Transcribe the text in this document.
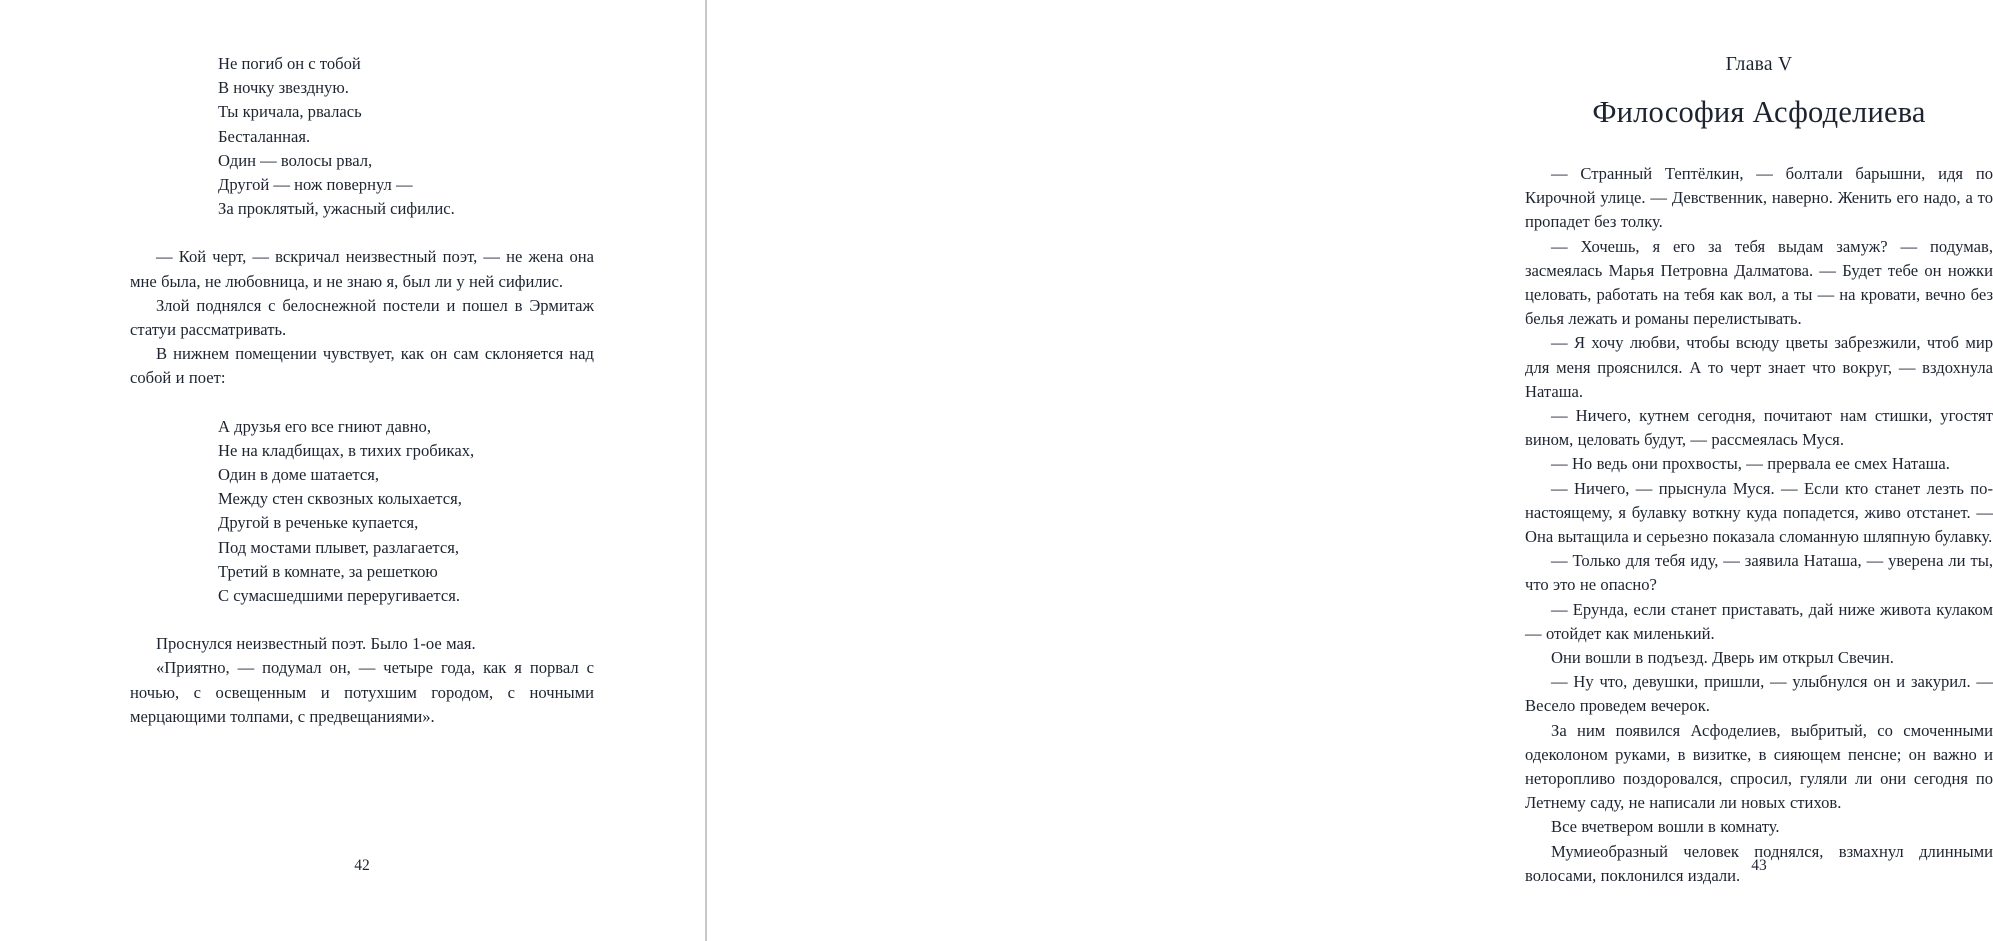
Не погиб он с тобой
В ночку звездную.
Ты кричала, рвалась
Бесталанная.
Один — волосы рвал,
Другой — нож повернул —
За проклятый, ужасный сифилис.

— Кой черт, — вскричал неизвестный поэт, — не жена она мне была, не любовница, и не знаю я, был ли у ней сифилис.

Злой поднялся с белоснежной постели и пошел в Эрмитаж статуи рассматривать.

В нижнем помещении чувствует, как он сам склоняется над собой и поет:

А друзья его все гниют давно,
Не на кладбищах, в тихих гробиках,
Один в доме шатается,
Между стен сквозных колыхается,
Другой в реченьке купается,
Под мостами плывет, разлагается,
Третий в комнате, за решеткою
С сумасшедшими переругивается.

Проснулся неизвестный поэт. Было 1-ое мая.

«Приятно, — подумал он, — четыре года, как я порвал с ночью, с освещенным и потухшим городом, с ночными мерцающими толпами, с предвещаниями».

42
Глава V
Философия Асфоделиева

— Странный Тептёлкин, — болтали барышни, идя по Кирочной улице. — Девственник, наверно. Женить его надо, а то пропадет без толку.

— Хочешь, я его за тебя выдам замуж? — подумав, засмеялась Марья Петровна Далматова. — Будет тебе он ножки целовать, работать на тебя как вол, а ты — на кровати, вечно без белья лежать и романы перелистывать.

— Я хочу любви, чтобы всюду цветы забрезжили, чтоб мир для меня прояснился. А то черт знает что вокруг, — вздохнула Наташа.

— Ничего, кутнем сегодня, почитают нам стишки, угостят вином, целовать будут, — рассмеялась Муся.

— Но ведь они прохвосты, — прервала ее смех Наташа.

— Ничего, — прыснула Муся. — Если кто станет лезть по-настоящему, я булавку воткну куда попадется, живо отстанет. — Она вытащила и серьезно показала сломанную шляпную булавку.

— Только для тебя иду, — заявила Наташа, — уверена ли ты, что это не опасно?

— Ерунда, если станет приставать, дай ниже живота кулаком — отойдет как миленький.

Они вошли в подъезд. Дверь им открыл Свечин.

— Ну что, девушки, пришли, — улыбнулся он и закурил. — Весело проведем вечерок.

За ним появился Асфоделиев, выбритый, со смоченными одеколоном руками, в визитке, в сияющем пенсне; он важно и неторопливо поздоровался, спросил, гуляли ли они сегодня по Летнему саду, не написали ли новых стихов.

Все вчетвером вошли в комнату.

Мумиеобразный человек поднялся, взмахнул длинными волосами, поклонился издали.

43
